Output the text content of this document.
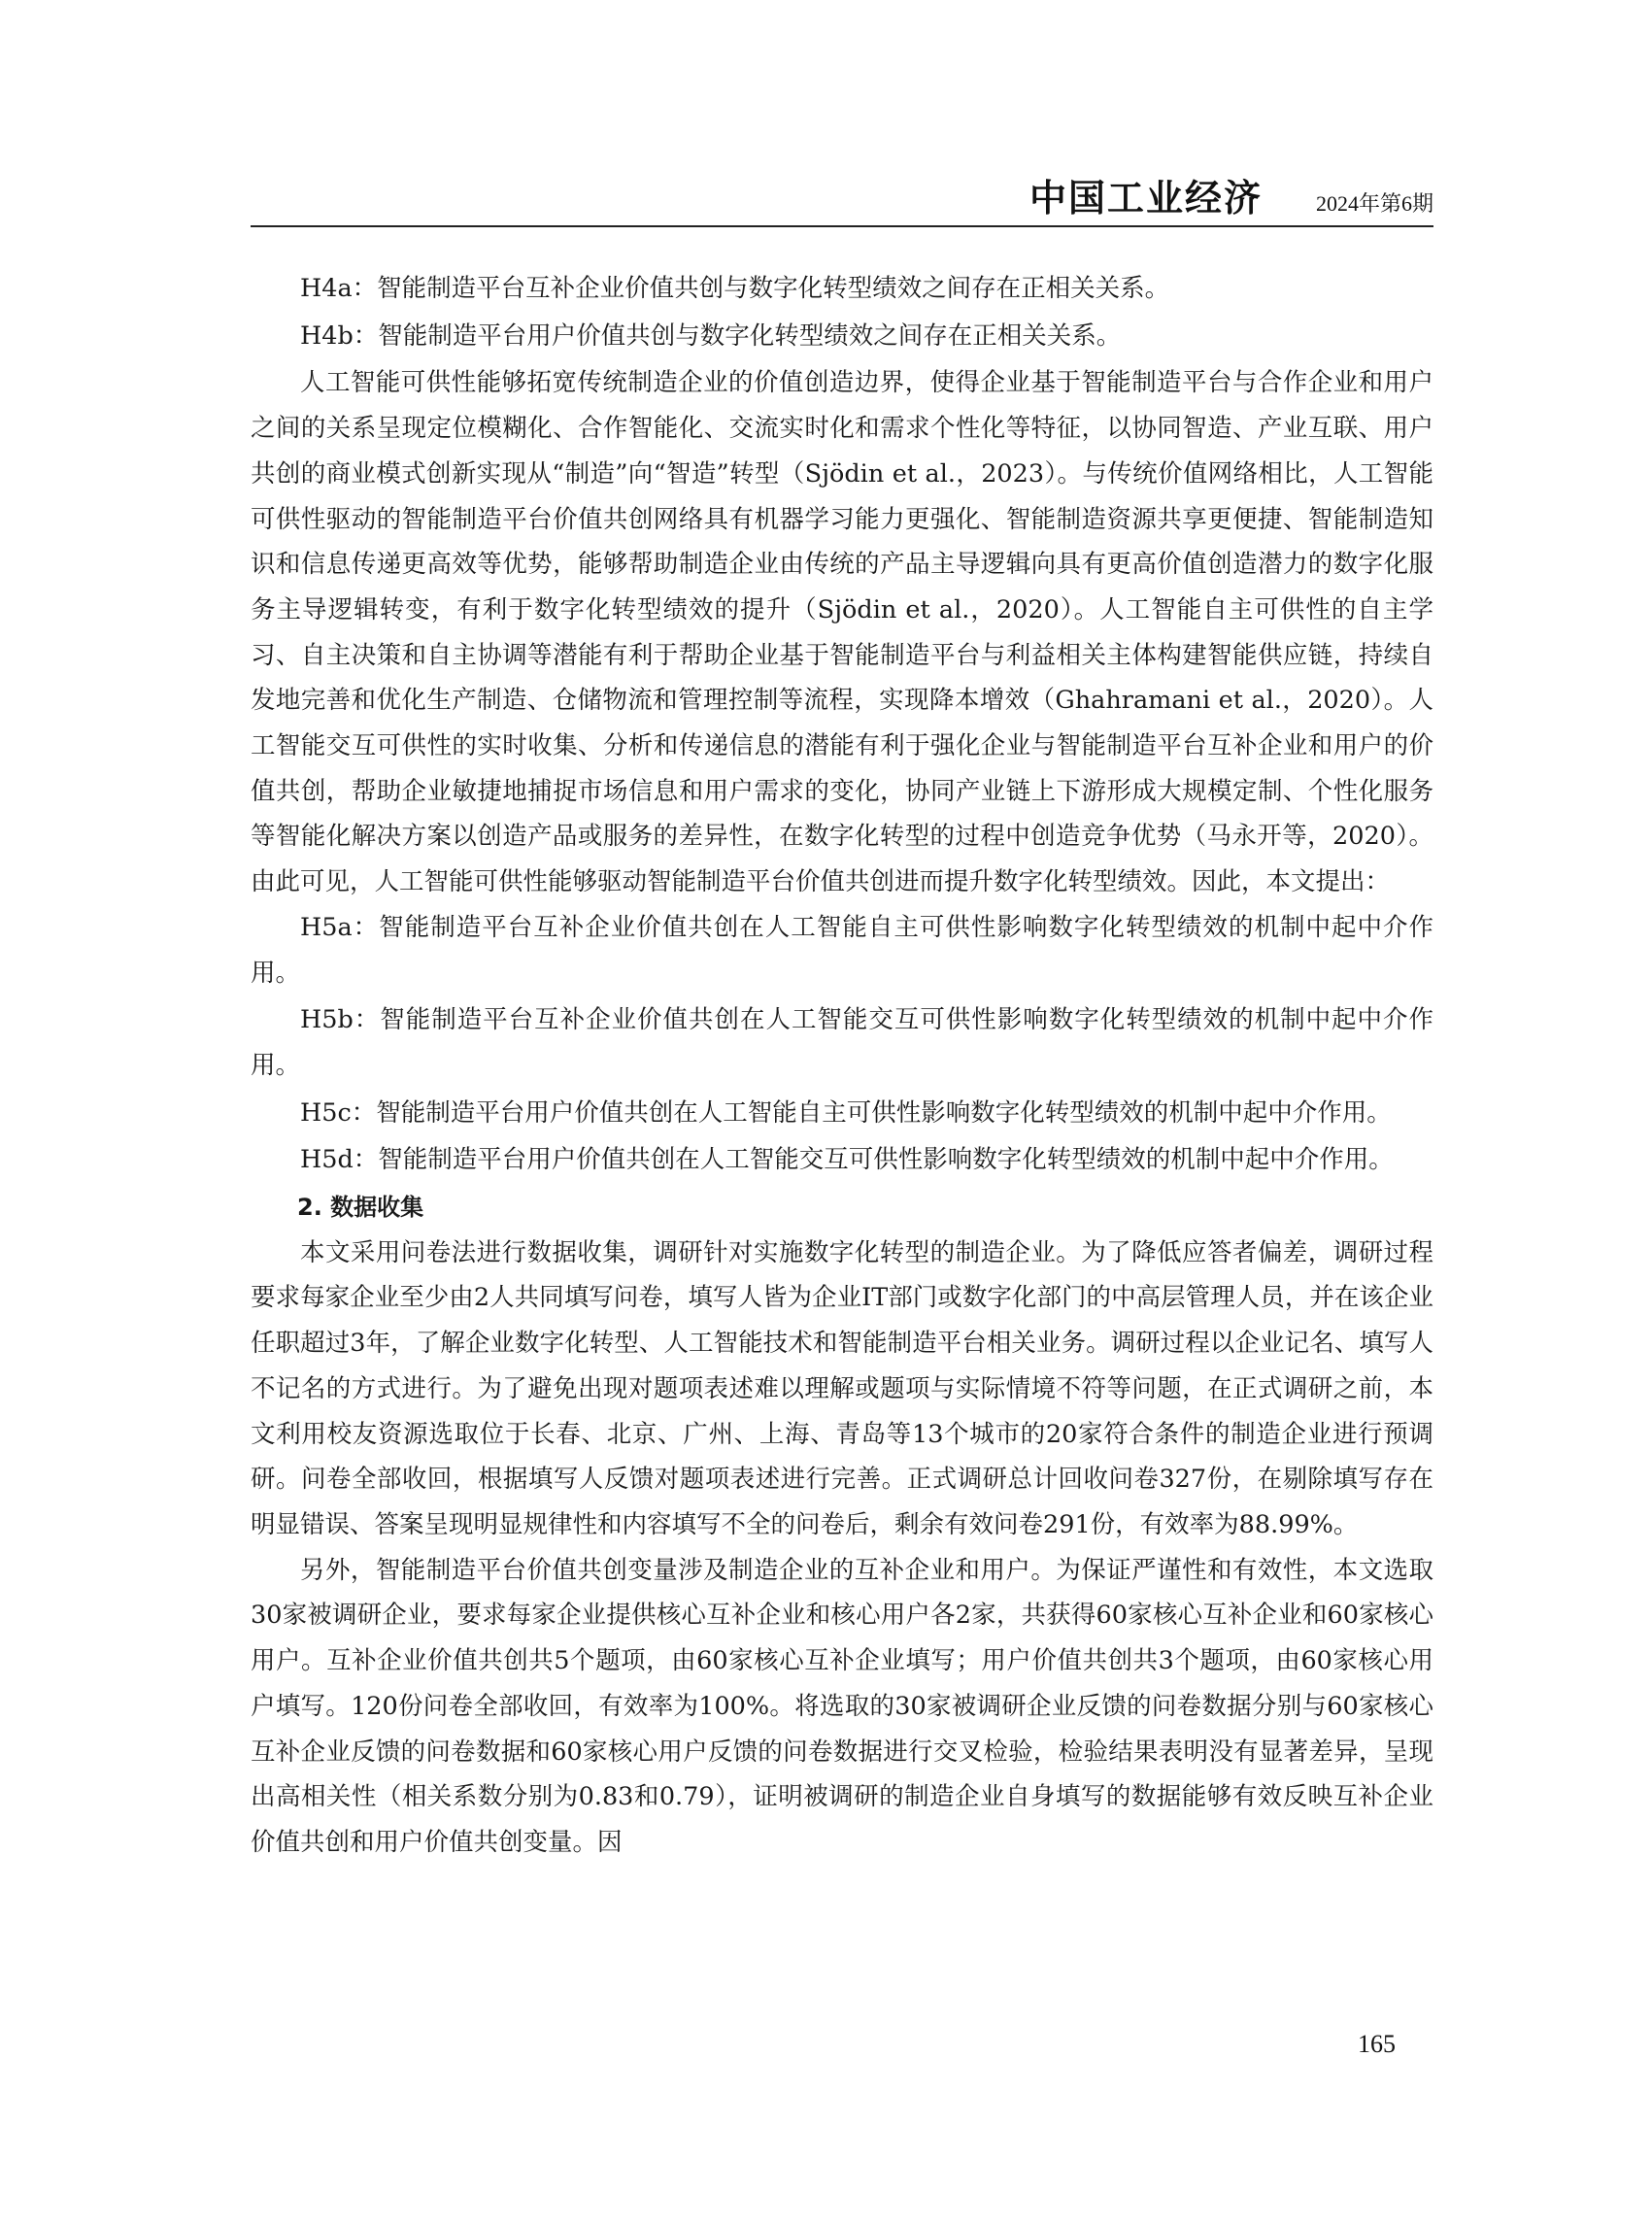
中国工业经济 2024年第6期

H4a：智能制造平台互补企业价值共创与数字化转型绩效之间存在正相关关系。

H4b：智能制造平台用户价值共创与数字化转型绩效之间存在正相关关系。

人工智能可供性能够拓宽传统制造企业的价值创造边界，使得企业基于智能制造平台与合作企业和用户之间的关系呈现定位模糊化、合作智能化、交流实时化和需求个性化等特征，以协同智造、产业互联、用户共创的商业模式创新实现从“制造”向“智造”转型（Sjödin et al.，2023）。与传统价值网络相比，人工智能可供性驱动的智能制造平台价值共创网络具有机器学习能力更强化、智能制造资源共享更便捷、智能制造知识和信息传递更高效等优势，能够帮助制造企业由传统的产品主导逻辑向具有更高价值创造潜力的数字化服务主导逻辑转变，有利于数字化转型绩效的提升（Sjödin et al.，2020）。人工智能自主可供性的自主学习、自主决策和自主协调等潜能有利于帮助企业基于智能制造平台与利益相关主体构建智能供应链，持续自发地完善和优化生产制造、仓储物流和管理控制等流程，实现降本增效（Ghahramani et al.，2020）。人工智能交互可供性的实时收集、分析和传递信息的潜能有利于强化企业与智能制造平台互补企业和用户的价值共创，帮助企业敏捷地捕捉市场信息和用户需求的变化，协同产业链上下游形成大规模定制、个性化服务等智能化解决方案以创造产品或服务的差异性，在数字化转型的过程中创造竞争优势（马永开等，2020）。由此可见，人工智能可供性能够驱动智能制造平台价值共创进而提升数字化转型绩效。因此，本文提出：

H5a：智能制造平台互补企业价值共创在人工智能自主可供性影响数字化转型绩效的机制中起中介作用。

H5b：智能制造平台互补企业价值共创在人工智能交互可供性影响数字化转型绩效的机制中起中介作用。

H5c：智能制造平台用户价值共创在人工智能自主可供性影响数字化转型绩效的机制中起中介作用。

H5d：智能制造平台用户价值共创在人工智能交互可供性影响数字化转型绩效的机制中起中介作用。

2. 数据收集

本文采用问卷法进行数据收集，调研针对实施数字化转型的制造企业。为了降低应答者偏差，调研过程要求每家企业至少由2人共同填写问卷，填写人皆为企业IT部门或数字化部门的中高层管理人员，并在该企业任职超过3年，了解企业数字化转型、人工智能技术和智能制造平台相关业务。调研过程以企业记名、填写人不记名的方式进行。为了避免出现对题项表述难以理解或题项与实际情境不符等问题，在正式调研之前，本文利用校友资源选取位于长春、北京、广州、上海、青岛等13个城市的20家符合条件的制造企业进行预调研。问卷全部收回，根据填写人反馈对题项表述进行完善。正式调研总计回收问卷327份，在剔除填写存在明显错误、答案呈现明显规律性和内容填写不全的问卷后，剩余有效问卷291份，有效率为88.99%。

另外，智能制造平台价值共创变量涉及制造企业的互补企业和用户。为保证严谨性和有效性，本文选取30家被调研企业，要求每家企业提供核心互补企业和核心用户各2家，共获得60家核心互补企业和60家核心用户。互补企业价值共创共5个题项，由60家核心互补企业填写；用户价值共创共3个题项，由60家核心用户填写。120份问卷全部收回，有效率为100%。将选取的30家被调研企业反馈的问卷数据分别与60家核心互补企业反馈的问卷数据和60家核心用户反馈的问卷数据进行交叉检验，检验结果表明没有显著差异，呈现出高相关性（相关系数分别为0.83和0.79），证明被调研的制造企业自身填写的数据能够有效反映互补企业价值共创和用户价值共创变量。因

165
